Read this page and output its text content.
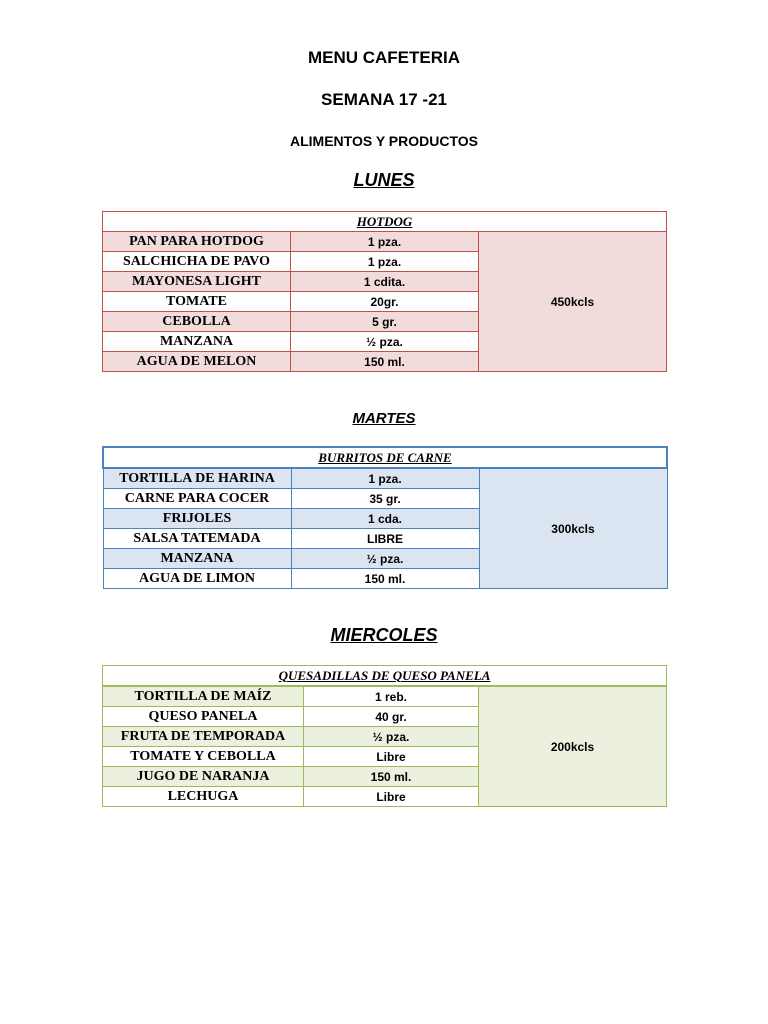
MENU CAFETERIA
SEMANA 17 -21
ALIMENTOS Y PRODUCTOS
LUNES
HOTDOG		
PAN PARA HOTDOG	1 pza.	450kcls
SALCHICHA DE PAVO	1 pza.	
MAYONESA LIGHT	1 cdita.	
TOMATE	20gr.	
CEBOLLA	5 gr.	
MANZANA	½ pza.	
AGUA DE MELON	150 ml.	
MARTES
BURRITOS DE CARNE		
TORTILLA DE HARINA	1 pza.	300kcls
CARNE PARA COCER	35 gr.	
FRIJOLES	1 cda.	
SALSA TATEMADA	LIBRE	
MANZANA	½ pza.	
AGUA DE LIMON	150 ml.	
MIERCOLES
QUESADILLAS DE QUESO PANELA		
TORTILLA DE MAÍZ	1 reb.	200kcls
QUESO PANELA	40 gr.	
FRUTA DE TEMPORADA	½ pza.	
TOMATE Y CEBOLLA	Libre	
JUGO DE NARANJA	150 ml.	
LECHUGA	Libre	
